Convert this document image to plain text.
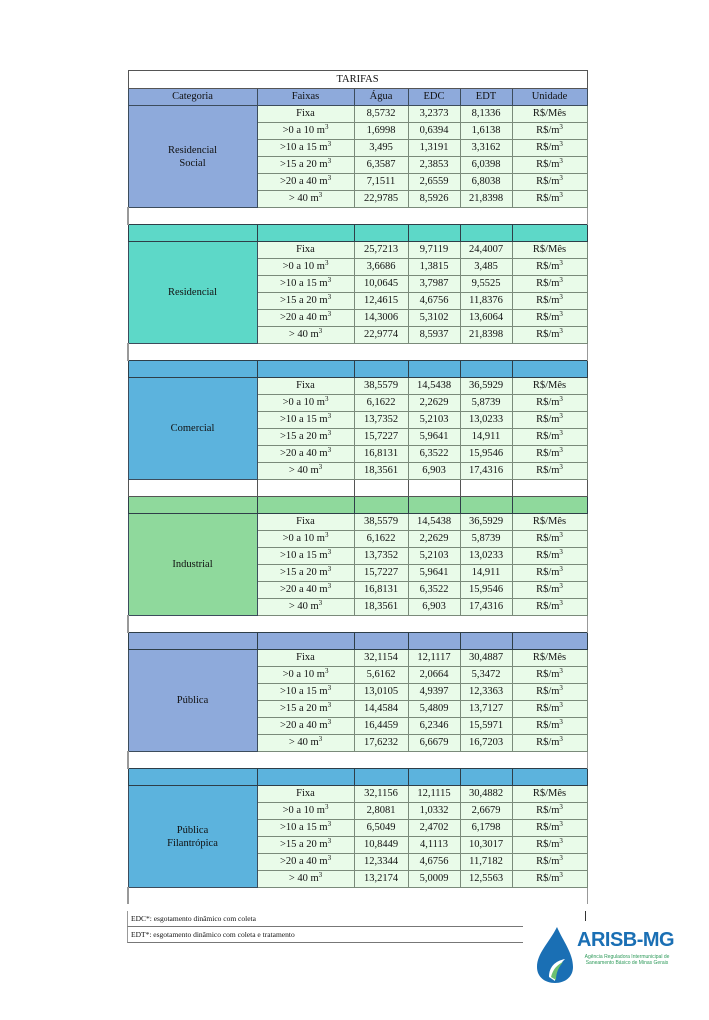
TARIFAS					
Categoria	Faixas	Água	EDC	EDT	Unidade

Residencial
Social	Fixa	8,5732	3,2373	8,1336	R$/Mês
	>0 a 10 $m^3$	1,6998	0,6394	1,6138	$R\$/m^3$
	>10 a 15 $m^3$	3,495	1,3191	3,3162	$R\$/m^3$
	>15 a 20 $m^3$	6,3587	2,3853	6,0398	$R\$/m^3$
	>20 a 40 $m^3$	7,1511	2,6559	6,8038	$R\$/m^3$
	> 40 $m^3$	22,9785	8,5926	21,8398	$R\$/m^3$

Residencial	Fixa	25,7213	9,7119	24,4007	R$/Mês
	>0 a 10 $m^3$	3,6686	1,3815	3,485	$R\$/m^3$
	>10 a 15 $m^3$	10,0645	3,7987	9,5525	$R\$/m^3$
	>15 a 20 $m^3$	12,4615	4,6756	11,8376	$R\$/m^3$
	>20 a 40 $m^3$	14,3006	5,3102	13,6064	$R\$/m^3$
	> 40 $m^3$	22,9774	8,5937	21,8398	$R\$/m^3$

Comercial	Fixa	38,5579	14,5438	36,5929	R$/Mês
	>0 a 10 $m^3$	6,1622	2,2629	5,8739	$R\$/m^3$
	>10 a 15 $m^3$	13,7352	5,2103	13,0233	$R\$/m^3$
	>15 a 20 $m^3$	15,7227	5,9641	14,911	$R\$/m^3$
	>20 a 40 $m^3$	16,8131	6,3522	15,9546	$R\$/m^3$
	> 40 $m^3$	18,3561	6,903	17,4316	$R\$/m^3$

Industrial	Fixa	38,5579	14,5438	36,5929	R$/Mês
	>0 a 10 $m^3$	6,1622	2,2629	5,8739	$R\$/m^3$
	>10 a 15 $m^3$	13,7352	5,2103	13,0233	$R\$/m^3$
	>15 a 20 $m^3$	15,7227	5,9641	14,911	$R\$/m^3$
	>20 a 40 $m^3$	16,8131	6,3522	15,9546	$R\$/m^3$
	> 40 $m^3$	18,3561	6,903	17,4316	$R\$/m^3$

Pública	Fixa	32,1154	12,1117	30,4887	R$/Mês
	>0 a 10 $m^3$	5,6162	2,0664	5,3472	$R\$/m^3$
	>10 a 15 $m^3$	13,0105	4,9397	12,3363	$R\$/m^3$
	>15 a 20 $m^3$	14,4584	5,4809	13,7127	$R\$/m^3$
	>20 a 40 $m^3$	16,4459	6,2346	15,5971	$R\$/m^3$
	> 40 $m^3$	17,6232	6,6679	16,7203	$R\$/m^3$

Pública
Filantrópica	Fixa	32,1156	12,1115	30,4882	R$/Mês
	>0 a 10 $m^3$	2,8081	1,0332	2,6679	$R\$/m^3$
	>10 a 15 $m^3$	6,5049	2,4702	6,1798	$R\$/m^3$
	>15 a 20 $m^3$	10,8449	4,1113	10,3017	$R\$/m^3$
	>20 a 40 $m^3$	12,3344	4,6756	11,7182	$R\$/m^3$
	> 40 $m^3$	13,2174	5,0009	12,5563	$R\$/m^3$

EDC*: esgotamento dinâmico com coleta
EDT*: esgotamento dinâmico com coleta e tratamento	ARISB-MG
Agência Reguladora Intermunicipal de
Saneamento Básico de Minas Gerais
